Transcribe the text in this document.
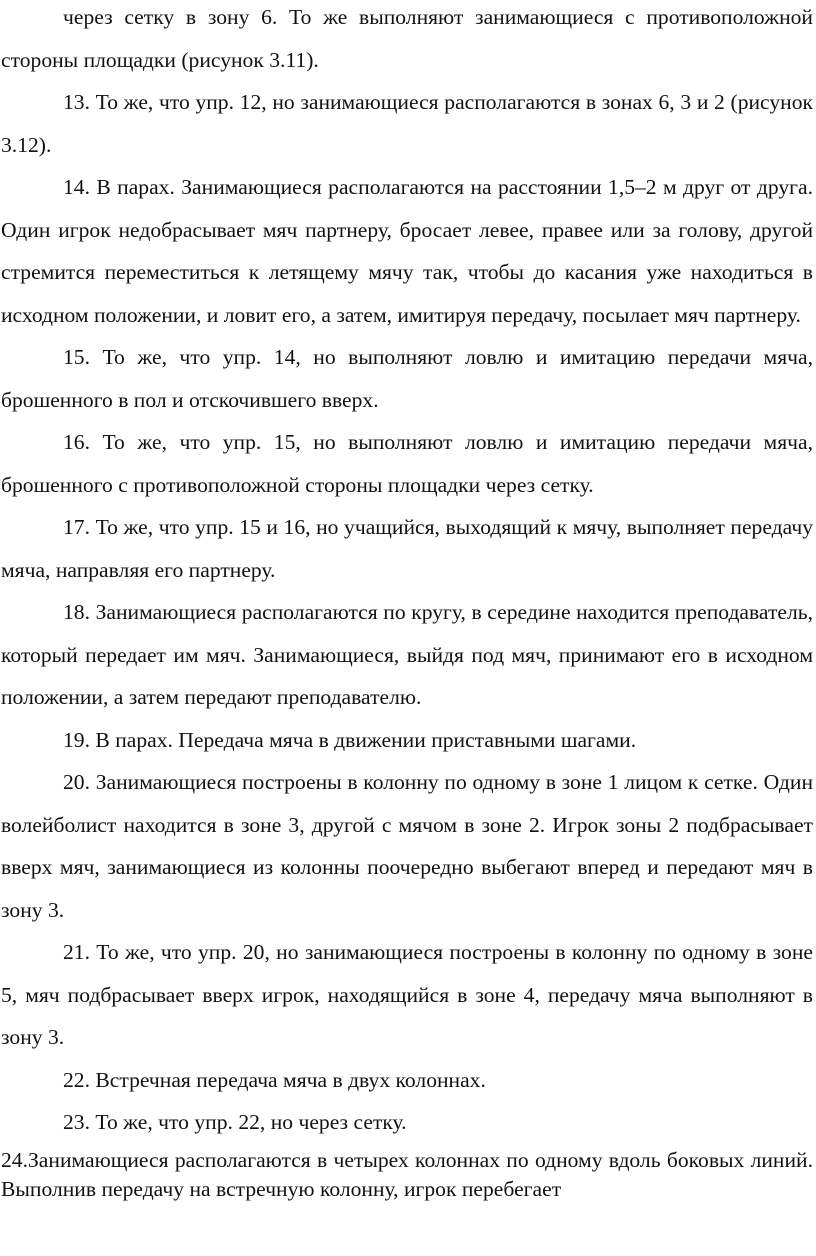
через сетку в зону 6. То же выполняют занимающиеся с противоположной стороны площадки (рисунок 3.11).

13. То же, что упр. 12, но занимающиеся располагаются в зонах 6, 3 и 2 (рисунок 3.12).

14. В парах. Занимающиеся располагаются на расстоянии 1,5–2 м друг от друга. Один игрок недобрасывает мяч партнеру, бросает левее, правее или за голову, другой стремится переместиться к летящему мячу так, чтобы до касания уже находиться в исходном положении, и ловит его, а затем, имитируя передачу, посылает мяч партнеру.

15. То же, что упр. 14, но выполняют ловлю и имитацию передачи мяча, брошенного в пол и отскочившего вверх.

16. То же, что упр. 15, но выполняют ловлю и имитацию передачи мяча, брошенного с противоположной стороны площадки через сетку.

17. То же, что упр. 15 и 16, но учащийся, выходящий к мячу, выполняет передачу мяча, направляя его партнеру.

18. Занимающиеся располагаются по кругу, в середине находится преподаватель, который передает им мяч. Занимающиеся, выйдя под мяч, принимают его в исходном положении, а затем передают преподавателю.

19. В парах. Передача мяча в движении приставными шагами.

20. Занимающиеся построены в колонну по одному в зоне 1 лицом к сетке. Один волейболист находится в зоне 3, другой с мячом в зоне 2. Игрок зоны 2 подбрасывает вверх мяч, занимающиеся из колонны поочередно выбегают вперед и передают мяч в зону 3.

21. То же, что упр. 20, но занимающиеся построены в колонну по одному в зоне 5, мяч подбрасывает вверх игрок, находящийся в зоне 4, передачу мяча выполняют в зону 3.

22. Встречная передача мяча в двух колоннах.

23. То же, что упр. 22, но через сетку.

24.Занимающиеся располагаются в четырех колоннах по одному вдоль боковых линий. Выполнив передачу на встречную колонну, игрок перебегает
